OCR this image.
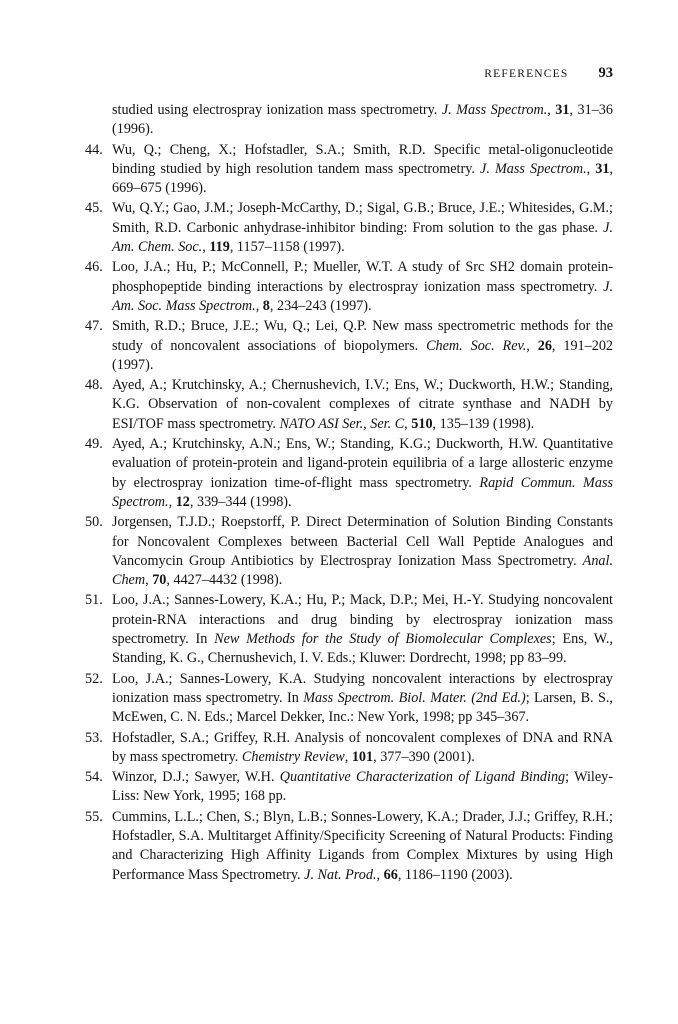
REFERENCES 93
studied using electrospray ionization mass spectrometry. J. Mass Spectrom., 31, 31–36 (1996).
44. Wu, Q.; Cheng, X.; Hofstadler, S.A.; Smith, R.D. Specific metal-oligonucleotide binding studied by high resolution tandem mass spectrometry. J. Mass Spectrom., 31, 669–675 (1996).
45. Wu, Q.Y.; Gao, J.M.; Joseph-McCarthy, D.; Sigal, G.B.; Bruce, J.E.; Whitesides, G.M.; Smith, R.D. Carbonic anhydrase-inhibitor binding: From solution to the gas phase. J. Am. Chem. Soc., 119, 1157–1158 (1997).
46. Loo, J.A.; Hu, P.; McConnell, P.; Mueller, W.T. A study of Src SH2 domain protein-phosphopeptide binding interactions by electrospray ionization mass spectrometry. J. Am. Soc. Mass Spectrom., 8, 234–243 (1997).
47. Smith, R.D.; Bruce, J.E.; Wu, Q.; Lei, Q.P. New mass spectrometric methods for the study of noncovalent associations of biopolymers. Chem. Soc. Rev., 26, 191–202 (1997).
48. Ayed, A.; Krutchinsky, A.; Chernushevich, I.V.; Ens, W.; Duckworth, H.W.; Standing, K.G. Observation of non-covalent complexes of citrate synthase and NADH by ESI/TOF mass spectrometry. NATO ASI Ser., Ser. C, 510, 135–139 (1998).
49. Ayed, A.; Krutchinsky, A.N.; Ens, W.; Standing, K.G.; Duckworth, H.W. Quantitative evaluation of protein-protein and ligand-protein equilibria of a large allosteric enzyme by electrospray ionization time-of-flight mass spectrometry. Rapid Commun. Mass Spectrom., 12, 339–344 (1998).
50. Jorgensen, T.J.D.; Roepstorff, P. Direct Determination of Solution Binding Constants for Noncovalent Complexes between Bacterial Cell Wall Peptide Analogues and Vancomycin Group Antibiotics by Electrospray Ionization Mass Spectrometry. Anal. Chem, 70, 4427–4432 (1998).
51. Loo, J.A.; Sannes-Lowery, K.A.; Hu, P.; Mack, D.P.; Mei, H.-Y. Studying noncovalent protein-RNA interactions and drug binding by electrospray ionization mass spectrometry. In New Methods for the Study of Biomolecular Complexes; Ens, W., Standing, K. G., Chernushevich, I. V. Eds.; Kluwer: Dordrecht, 1998; pp 83–99.
52. Loo, J.A.; Sannes-Lowery, K.A. Studying noncovalent interactions by electrospray ionization mass spectrometry. In Mass Spectrom. Biol. Mater. (2nd Ed.); Larsen, B. S., McEwen, C. N. Eds.; Marcel Dekker, Inc.: New York, 1998; pp 345–367.
53. Hofstadler, S.A.; Griffey, R.H. Analysis of noncovalent complexes of DNA and RNA by mass spectrometry. Chemistry Review, 101, 377–390 (2001).
54. Winzor, D.J.; Sawyer, W.H. Quantitative Characterization of Ligand Binding; Wiley-Liss: New York, 1995; 168 pp.
55. Cummins, L.L.; Chen, S.; Blyn, L.B.; Sonnes-Lowery, K.A.; Drader, J.J.; Griffey, R.H.; Hofstadler, S.A. Multitarget Affinity/Specificity Screening of Natural Products: Finding and Characterizing High Affinity Ligands from Complex Mixtures by using High Performance Mass Spectrometry. J. Nat. Prod., 66, 1186–1190 (2003).
